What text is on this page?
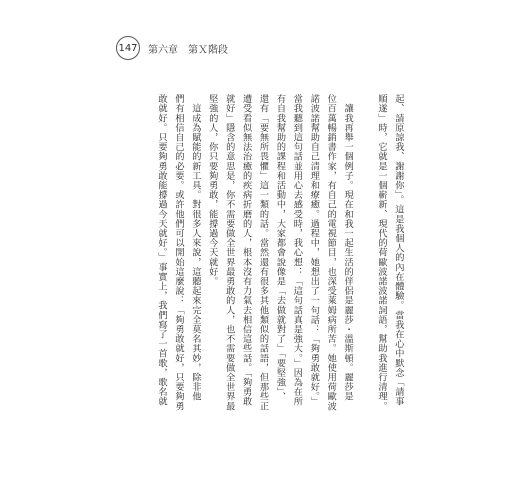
147 第六章　第Ｘ階段
起、請原諒我、謝謝你」。這是我個人的內在體驗。當我在心中默念「請事
順遂」時，它就是一個嶄新、現代的荷歐波諾波諾詞語，幫助我進行清理。
　讓我再舉一個例子。現在和我一起生活的伴侶是麗莎・溫斯頓。麗莎是
位百萬暢銷書作家，有自己的電視節目，也深受萊姆病所苦。她使用荷歐波
諾波諾幫助自己清理和療癒。過程中，她想出了一句話：「夠勇敢就好。」
當我聽到這句話並用心去感受時，我心想：「這句話真是強大。」因為在所
有自我幫助的課程和活動中，大家都會說像是「去做就對了」「要堅強」、
還有「要無所畏懼」這一類的話。當然還有很多其他類似的話語，但那些正
遭受看似無法治癒的疾病折磨的人，根本沒有力氣去相信這些話。「夠勇敢
就好」隱含的意思是，你不需要做全世界最勇敢的人，也不需要做全世界最
堅強的人，你只要夠勇敢，能撐過今天就好。
　這成為賦能的新工具。對很多人來說，這聽起來完全莫名其妙，除非他
們有相信自己的必要。或許他們可以開始這麼說：「夠勇敢就好，只要夠勇
敢就好。只要夠勇敢能撐過今天就好。」事實上，我們寫了一首歌，歌名就
